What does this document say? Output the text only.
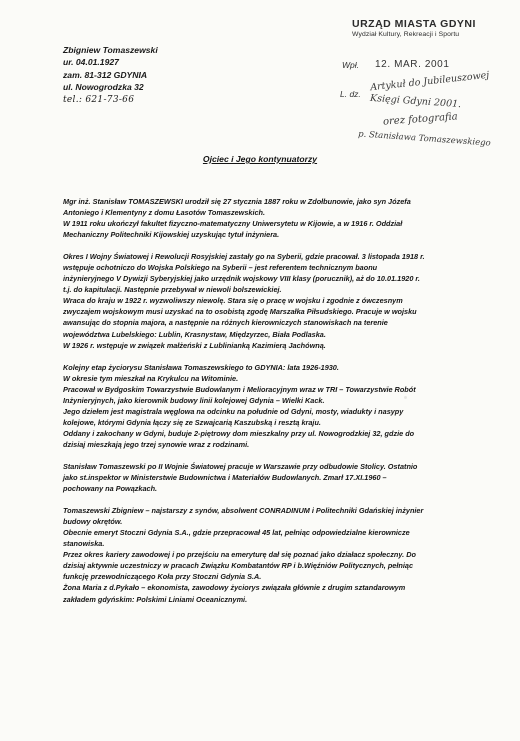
URZĄD MIASTA GDYNI
Wydział Kultury, Rekreacji i Sportu
Wpł. 12. MAR. 2001
L. dz.
Artykuł do Jubileuszowej
Księgi Gdyni 2001.
orez fotografia
p. Stanisława Tomaszewskiego
Zbigniew Tomaszewski
ur. 04.01.1927
zam. 81-312 GDYNIA
ul. Nowogrodzka 32
tel.: 621-73-66
Ojciec i Jego kontynuatorzy
Mgr inż. Stanisław TOMASZEWSKI urodził się 27 stycznia 1887 roku w Zdołbunowie, jako syn Józefa
Antoniego i Klementyny z domu Łasotów Tomaszewskich.
W 1911 roku ukończył fakultet fizyczno-matematyczny Uniwersytetu w Kijowie, a w 1916 r. Oddział
Mechaniczny Politechniki Kijowskiej uzyskując tytuł inżyniera.
Okres I Wojny Światowej i Rewolucji Rosyjskiej zastały go na Syberii, gdzie pracował. 3 listopada 1918 r.
wstępuje ochotniczo do Wojska Polskiego na Syberii – jest referentem technicznym baonu
inżynieryjnego V Dywizji Syberyjskiej jako urzędnik wojskowy VIII klasy (porucznik), aż do 10.01.1920 r.
t.j. do kapitulacji. Następnie przebywał w niewoli bolszewickiej.
Wraca do kraju w 1922 r. wyzwoliwszy niewolę. Stara się o pracę w wojsku i zgodnie z ówczesnym
zwyczajem wojskowym musi uzyskać na to osobistą zgodę Marszałka Piłsudskiego. Pracuje w wojsku
awansując do stopnia majora, a następnie na różnych kierowniczych stanowiskach na terenie
województwa Lubelskiego: Lublin, Krasnystaw, Międzyrzec, Biała Podlaska.
W 1926 r. wstępuje w związek małżeński z Lublinianką Kazimierą Jachówną.
Kolejny etap życiorysu Stanisława Tomaszewskiego to GDYNIA: lata 1926-1930.
W okresie tym mieszkał na Krykulcu na Witominie.
Pracował w Bydgoskim Towarzystwie Budowlanym i Melioracyjnym wraz w TRI – Towarzystwie Robót
Inżynieryjnych, jako kierownik budowy linii kolejowej Gdynia – Wielki Kack.
Jego dziełem jest magistrala węglowa na odcinku na południe od Gdyni, mosty, wiadukty i nasypy
kolejowe, którymi Gdynia łączy się ze Szwajcarią Kaszubską i resztą kraju.
Oddany i zakochany w Gdyni, buduje 2-piętrowy dom mieszkalny przy ul. Nowogrodzkiej 32, gdzie do
dzisiaj mieszkają jego trzej synowie wraz z rodzinami.
Stanisław Tomaszewski po II Wojnie Światowej pracuje w Warszawie przy odbudowie Stolicy. Ostatnio
jako st.inspektor w Ministerstwie Budownictwa i Materiałów Budowlanych. Zmarł 17.XI.1960 –
pochowany na Powązkach.
Tomaszewski Zbigniew – najstarszy z synów, absolwent CONRADINUM i Politechniki Gdańskiej inżynier
budowy okrętów.
Obecnie emeryt Stoczni Gdynia S.A., gdzie przepracował 45 lat, pełniąc odpowiedzialne kierownicze
stanowiska.
Przez okres kariery zawodowej i po przejściu na emeryturę dał się poznać jako działacz społeczny. Do
dzisiaj aktywnie uczestniczy w pracach Związku Kombatantów RP i b.Więźniów Politycznych, pełniąc
funkcję przewodniczącego Koła przy Stoczni Gdynia S.A.
Żona Maria z d.Pykało – ekonomista, zawodowy życiorys związała głównie z drugim sztandarowym
zakładem gdyńskim: Polskimi Liniami Oceanicznymi.
